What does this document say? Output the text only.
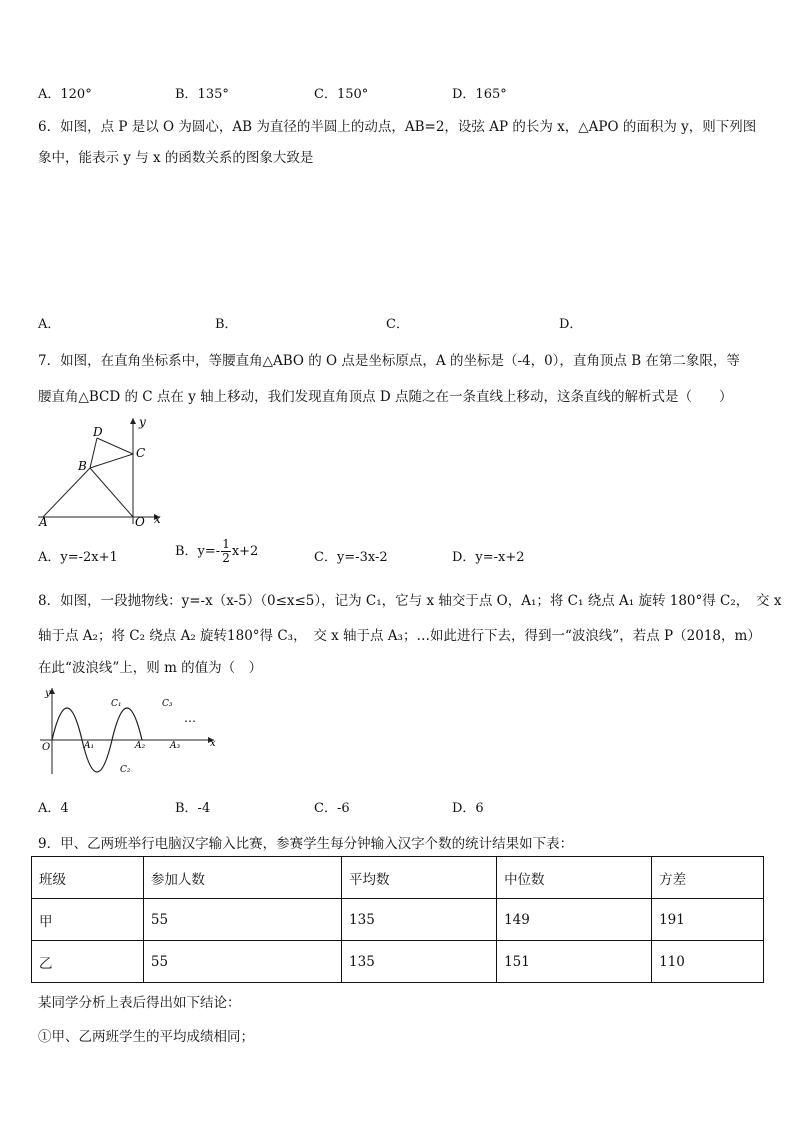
A．120°	B．135°	C．150°	D．165°
6．如图，点 P 是以 O 为圆心，AB 为直径的半圆上的动点，AB=2，设弦 AP 的长为 x，△APO 的面积为 y，则下列图
象中，能表示 y 与 x 的函数关系的图象大致是
A．	B．	C．	D．
7．如图，在直角坐标系中，等腰直角△ABO 的 O 点是坐标原点，A 的坐标是（-4，0），直角顶点 B 在第二象限，等
腰直角△BCD 的 C 点在 y 轴上移动，我们发现直角顶点 D 点随之在一条直线上移动，这条直线的解析式是（　　）
D
C
B
A	O x
y
A．y=-2x+1	B．$y=- \frac{1}{2} x+2$	C．y=-3x-2	D．y=-x+2
8．如图，一段抛物线：y=-x（x-5）（0≤x≤5），记为 C₁，它与 x 轴交于点 O，A₁；将 C₁ 绕点 A₁ 旋转 180°得 C₂，　交 x
轴于点 A₂；将 C₂ 绕点 A₂ 旋转180°得 C₃，　交 x 轴于点 A₃；…如此进行下去，得到一“波浪线”，若点 P（2018，m）
在此“波浪线”上，则 m 的值为（　）
y
x
O	A₁	A₂	A₃
C₁
C₂
C₃
…
A．4	B．-4	C．-6	D．6
9．甲、乙两班举行电脑汉字输入比赛，参赛学生每分钟输入汉字个数的统计结果如下表：
班级	参加人数	平均数	中位数	方差
甲	55	135	149	191
乙	55	135	151	110
某同学分析上表后得出如下结论：
①甲、乙两班学生的平均成绩相同；
